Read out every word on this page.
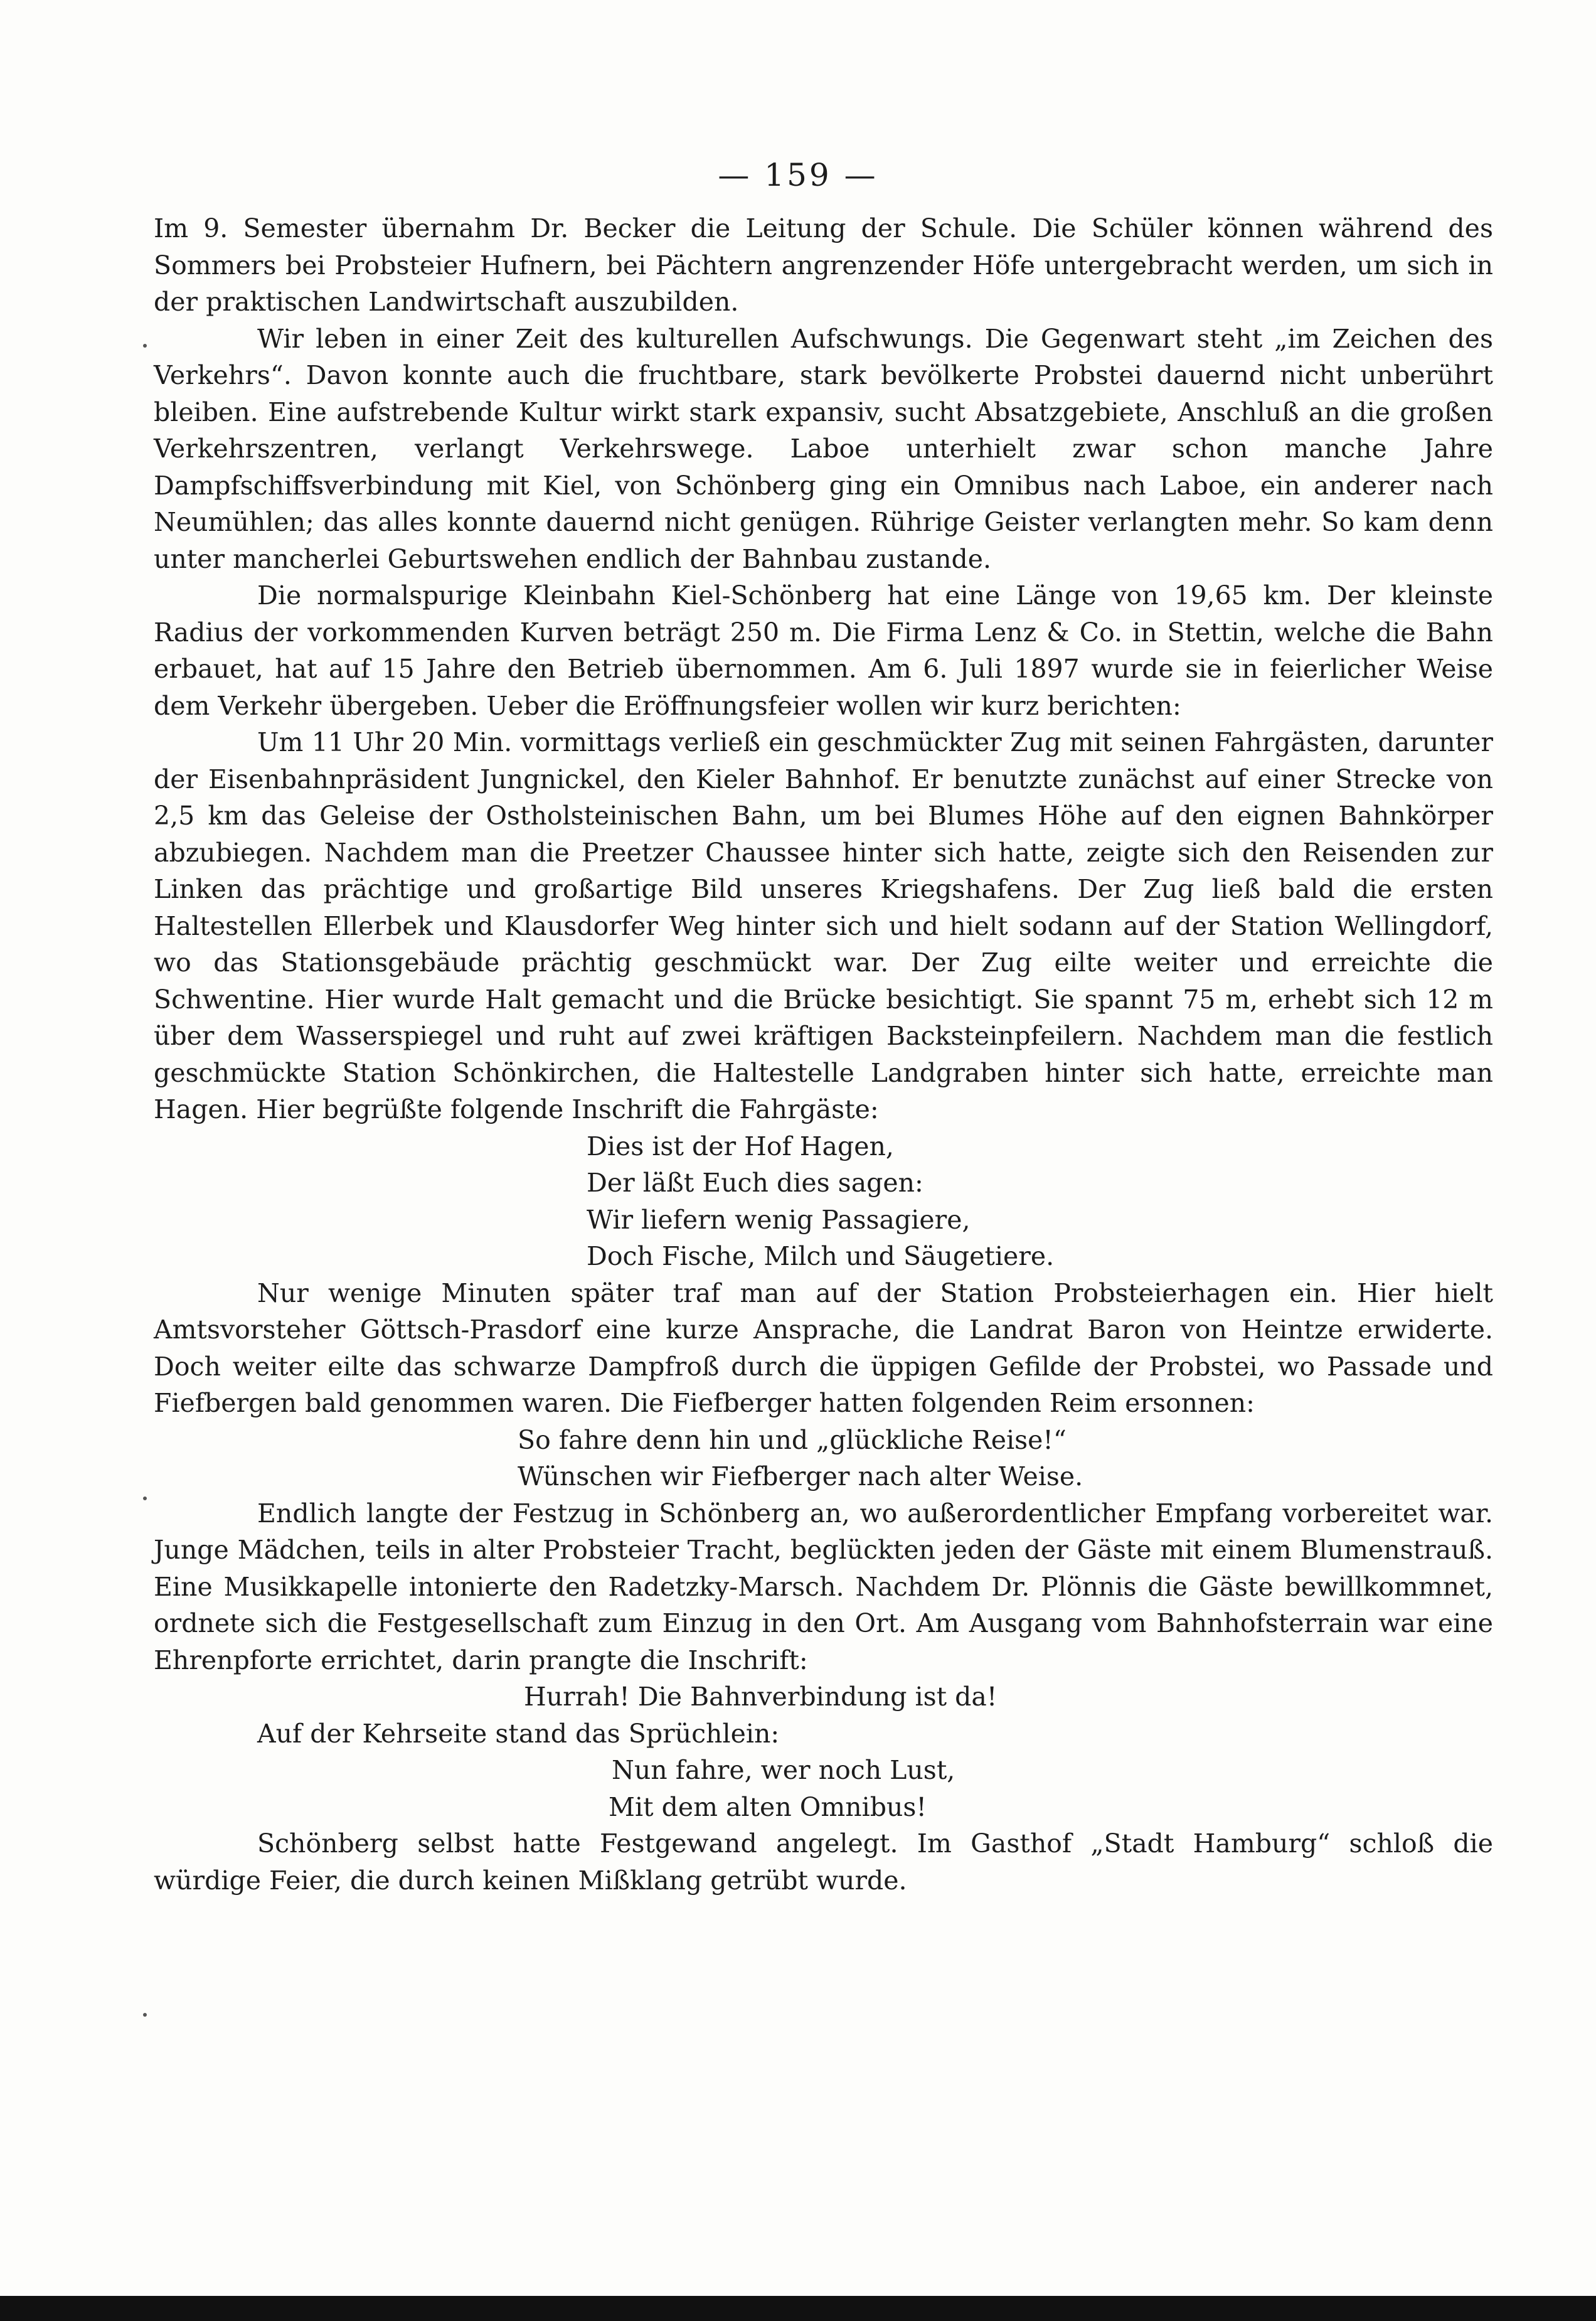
— 159 —

Im 9. Semester übernahm Dr. Becker die Leitung der Schule. Die Schüler können während des Sommers bei Probsteier Hufnern, bei Pächtern angrenzender Höfe untergebracht werden, um sich in der praktischen Landwirtschaft auszubilden.

Wir leben in einer Zeit des kulturellen Aufschwungs. Die Gegenwart steht „im Zeichen des Verkehrs“. Davon konnte auch die fruchtbare, stark bevölkerte Probstei dauernd nicht unberührt bleiben. Eine aufstrebende Kultur wirkt stark expansiv, sucht Absatzgebiete, Anschluß an die großen Verkehrszentren, verlangt Verkehrswege. Laboe unterhielt zwar schon manche Jahre Dampfschiffsverbindung mit Kiel, von Schönberg ging ein Omnibus nach Laboe, ein anderer nach Neumühlen; das alles konnte dauernd nicht genügen. Rührige Geister verlangten mehr. So kam denn unter mancherlei Geburtswehen endlich der Bahnbau zustande.

Die normalspurige Kleinbahn Kiel-Schönberg hat eine Länge von 19,65 km. Der kleinste Radius der vorkommenden Kurven beträgt 250 m. Die Firma Lenz & Co. in Stettin, welche die Bahn erbauet, hat auf 15 Jahre den Betrieb übernommen. Am 6. Juli 1897 wurde sie in feierlicher Weise dem Verkehr übergeben. Ueber die Eröffnungsfeier wollen wir kurz berichten:

Um 11 Uhr 20 Min. vormittags verließ ein geschmückter Zug mit seinen Fahrgästen, darunter der Eisenbahnpräsident Jungnickel, den Kieler Bahnhof. Er benutzte zunächst auf einer Strecke von 2,5 km das Geleise der Ostholsteinischen Bahn, um bei Blumes Höhe auf den eignen Bahnkörper abzubiegen. Nachdem man die Preetzer Chaussee hinter sich hatte, zeigte sich den Reisenden zur Linken das prächtige und großartige Bild unseres Kriegshafens. Der Zug ließ bald die ersten Haltestellen Ellerbek und Klausdorfer Weg hinter sich und hielt sodann auf der Station Wellingdorf, wo das Stationsgebäude prächtig geschmückt war. Der Zug eilte weiter und erreichte die Schwentine. Hier wurde Halt gemacht und die Brücke besichtigt. Sie spannt 75 m, erhebt sich 12 m über dem Wasserspiegel und ruht auf zwei kräftigen Backsteinpfeilern. Nachdem man die festlich geschmückte Station Schönkirchen, die Haltestelle Landgraben hinter sich hatte, erreichte man Hagen. Hier begrüßte folgende Inschrift die Fahrgäste:

Dies ist der Hof Hagen,
Der läßt Euch dies sagen:
Wir liefern wenig Passagiere,
Doch Fische, Milch und Säugetiere.

Nur wenige Minuten später traf man auf der Station Probsteierhagen ein. Hier hielt Amtsvorsteher Göttsch-Prasdorf eine kurze Ansprache, die Landrat Baron von Heintze erwiderte. Doch weiter eilte das schwarze Dampfroß durch die üppigen Gefilde der Probstei, wo Passade und Fiefbergen bald genommen waren. Die Fiefberger hatten folgenden Reim ersonnen:

So fahre denn hin und „glückliche Reise!“
Wünschen wir Fiefberger nach alter Weise.

Endlich langte der Festzug in Schönberg an, wo außerordentlicher Empfang vorbereitet war. Junge Mädchen, teils in alter Probsteier Tracht, beglückten jeden der Gäste mit einem Blumenstrauß. Eine Musikkapelle intonierte den Radetzky-Marsch. Nachdem Dr. Plönnis die Gäste bewillkommnet, ordnete sich die Festgesellschaft zum Einzug in den Ort. Am Ausgang vom Bahnhofsterrain war eine Ehrenpforte errichtet, darin prangte die Inschrift:

Hurrah! Die Bahnverbindung ist da!

Auf der Kehrseite stand das Sprüchlein:

Nun fahre, wer noch Lust,
Mit dem alten Omnibus!

Schönberg selbst hatte Festgewand angelegt. Im Gasthof „Stadt Hamburg“ schloß die würdige Feier, die durch keinen Mißklang getrübt wurde.
